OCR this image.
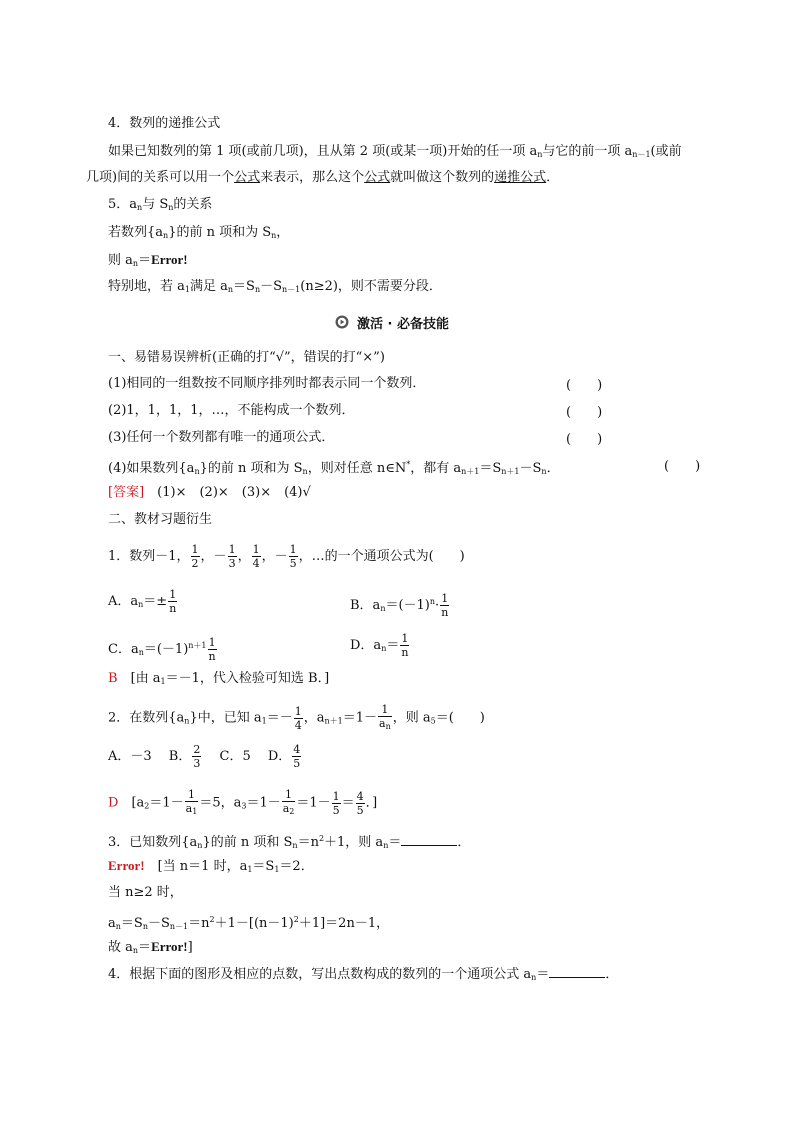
4．数列的递推公式
如果已知数列的第 1 项(或前几项)，且从第 2 项(或某一项)开始的任一项 $a_n$与它的前一项 $a_{n-1}$(或前
几项)间的关系可以用一个公式来表示，那么这个公式就叫做这个数列的递推公式．
5．$a_n$与 $S_n$的关系
若数列$\{a_n\}$的前 n 项和为 $S_n$，
则 $a_n=Error$!
特别地，若 $a_1$满足 $a_n=S_n-S_{n-1}(n\ge 2)$，则不需要分段．
激活 · 必备技能
一、易错易误辨析(正确的打“√”，错误的打“×”)
(1)相同的一组数按不同顺序排列时都表示同一个数列．	(　　)
(2)1，1，1，1，…，不能构成一个数列．	(　　)
(3)任何一个数列都有唯一的通项公式．	(　　)
(4)如果数列$\{a_n\}$的前 n 项和为 $S_n$，则对任意 n∈N*，都有 $a_{n+1}=S_{n+1}-S_n$．	(　　)
[答案]　 (1)×　(2)×　(3)×　(4)√
二、教材习题衍生
1．数列－1， $\frac{1}{2}$ ，－ $\frac{1}{3}$ ， $\frac{1}{4}$ ，－ $\frac{1}{5}$ ，…的一个通项公式为(　　)
A．$a_n=\pm \frac{1}{n}$	B．$a_n=(-1)^n\cdot \frac{1}{n}$
C．$a_n=(-1)^{n+1} \frac{1}{n}$	D．$a_n= \frac{1}{n}$
B　 [由 $a_1=-1$，代入检验可知选 B．]
2．在数列$\{a_n\}$中，已知 $a_1=- \frac{1}{4}$ ，$a_{n+1}=1- \frac{1}{a_n}$ ，则 $a_5=$(　　)
A．－3　 B． $\frac{2}{3}$ 　 C．5　 D． $\frac{4}{5}$
D　 [$a_2=1- \frac{1}{a_1} =5$，$a_3=1- \frac{1}{a_2} =1- \frac{1}{5} = \frac{4}{5}$ ．]
3．已知数列$\{a_n\}$的前 n 项和 $S_n=n^2+1$，则 $a_n=$	．
Error!　 [当 n＝1 时，$a_1=S_1=2$．
当 n≥2 时，
$a_n=S_n-S_{n-1}=n^2+1-[(n-1)^2+1]=2n-1$，
故 $a_n=Error$!]
4．根据下面的图形及相应的点数，写出点数构成的数列的一个通项公式 $a_n=$	．
